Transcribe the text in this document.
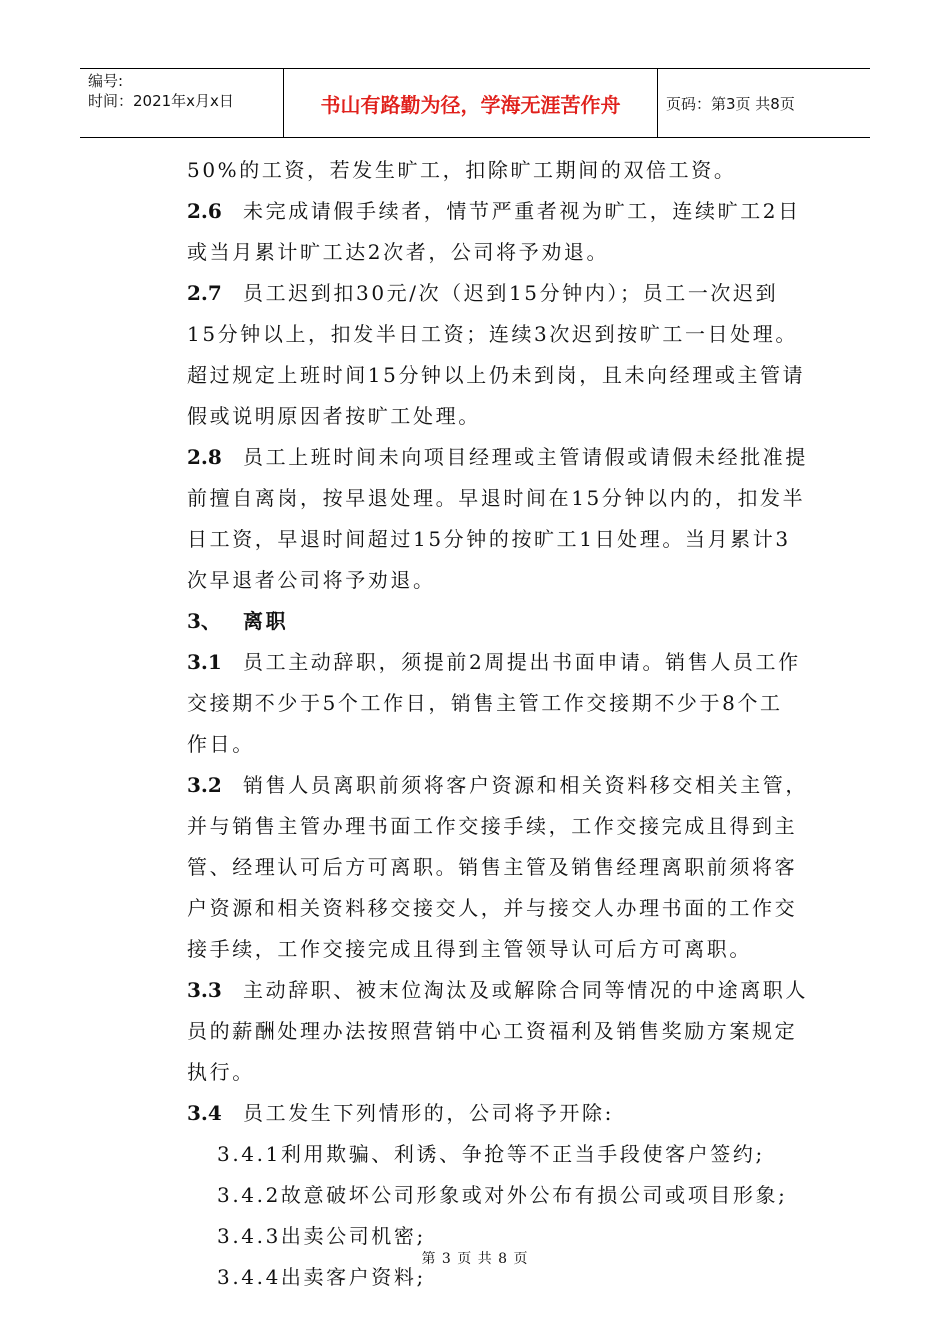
编号:
时间：2021年x月x日	书山有路勤为径，学海无涯苦作舟	页码：第3页 共8页
50%的工资，若发生旷工，扣除旷工期间的双倍工资。
2.6 未完成请假手续者，情节严重者视为旷工，连续旷工2日
或当月累计旷工达2次者，公司将予劝退。
2.7 员工迟到扣30元/次（迟到15分钟内）；员工一次迟到
15分钟以上，扣发半日工资；连续3次迟到按旷工一日处理。
超过规定上班时间15分钟以上仍未到岗，且未向经理或主管请
假或说明原因者按旷工处理。
2.8 员工上班时间未向项目经理或主管请假或请假未经批准提
前擅自离岗，按早退处理。早退时间在15分钟以内的，扣发半
日工资，早退时间超过15分钟的按旷工1日处理。当月累计3
次早退者公司将予劝退。
3、 离职
3.1 员工主动辞职，须提前2周提出书面申请。销售人员工作
交接期不少于5个工作日，销售主管工作交接期不少于8个工
作日。
3.2 销售人员离职前须将客户资源和相关资料移交相关主管，
并与销售主管办理书面工作交接手续，工作交接完成且得到主
管、经理认可后方可离职。销售主管及销售经理离职前须将客
户资源和相关资料移交接交人，并与接交人办理书面的工作交
接手续，工作交接完成且得到主管领导认可后方可离职。
3.3 主动辞职、被末位淘汰及或解除合同等情况的中途离职人
员的薪酬处理办法按照营销中心工资福利及销售奖励方案规定
执行。
3.4 员工发生下列情形的，公司将予开除:
3.4.1利用欺骗、利诱、争抢等不正当手段使客户签约;
3.4.2故意破坏公司形象或对外公布有损公司或项目形象;
3.4.3出卖公司机密;
3.4.4出卖客户资料;
第 3 页 共 8 页
